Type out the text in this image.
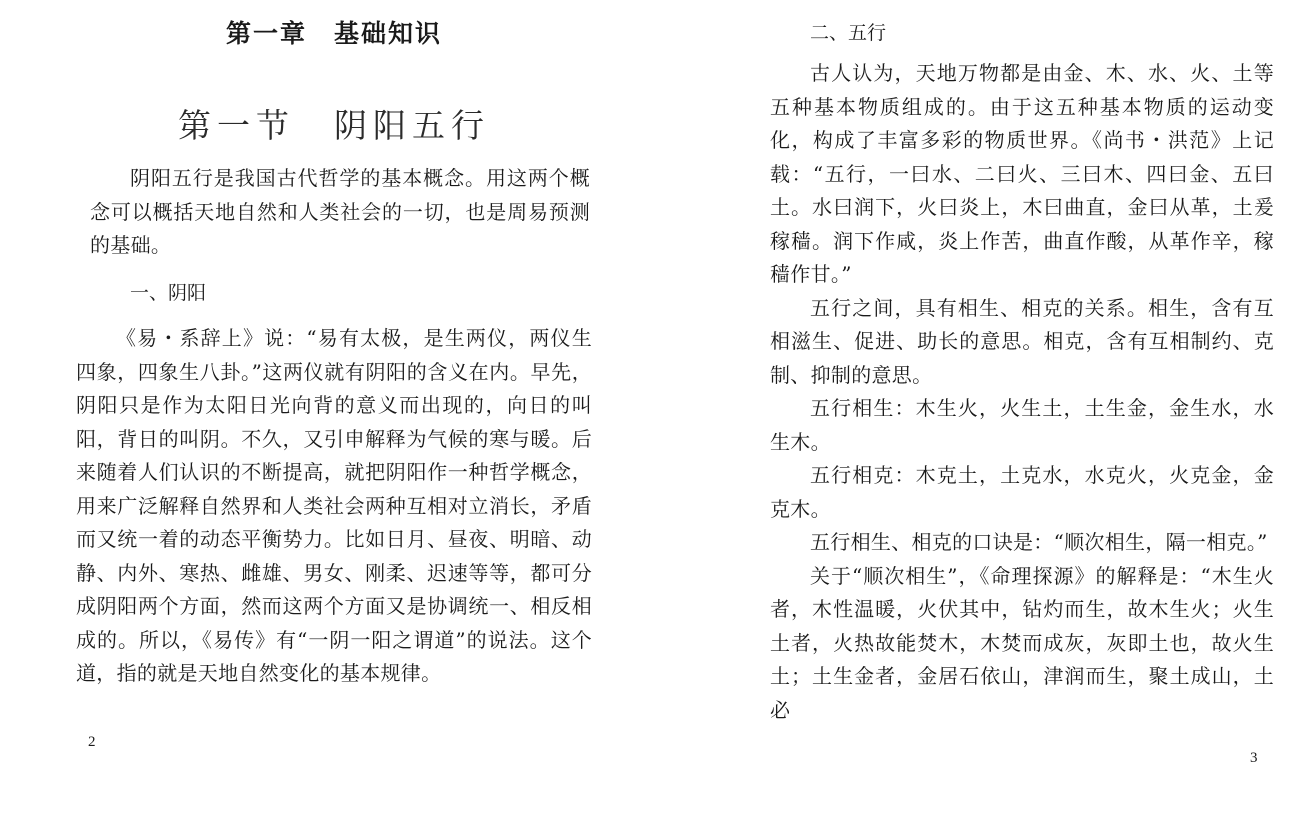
第一章　基础知识
第一节　阴阳五行

阴阳五行是我国古代哲学的基本概念。用这两个概念可以概括天地自然和人类社会的一切，也是周易预测的基础。

一、阴阳

《易・系辞上》说：“易有太极，是生两仪，两仪生四象，四象生八卦。”这两仪就有阴阳的含义在内。早先，阴阳只是作为太阳日光向背的意义而出现的，向日的叫阳，背日的叫阴。不久，又引申解释为气候的寒与暖。后来随着人们认识的不断提高，就把阴阳作一种哲学概念，用来广泛解释自然界和人类社会两种互相对立消长，矛盾而又统一着的动态平衡势力。比如日月、昼夜、明暗、动静、内外、寒热、雌雄、男女、刚柔、迟速等等，都可分成阴阳两个方面，然而这两个方面又是协调统一、相反相成的。所以，《易传》有“一阴一阳之谓道”的说法。这个道，指的就是天地自然变化的基本规律。

2
二、五行

古人认为，天地万物都是由金、木、水、火、土等五种基本物质组成的。由于这五种基本物质的运动变化，构成了丰富多彩的物质世界。《尚书・洪范》上记载：“五行，一曰水、二曰火、三曰木、四曰金、五曰土。水曰润下，火曰炎上，木曰曲直，金曰从革，土爰稼穑。润下作咸，炎上作苦，曲直作酸，从革作辛，稼穑作甘。”

五行之间，具有相生、相克的关系。相生，含有互相滋生、促进、助长的意思。相克，含有互相制约、克制、抑制的意思。

五行相生：木生火，火生土，土生金，金生水，水生木。

五行相克：木克土，土克水，水克火，火克金，金克木。

五行相生、相克的口诀是：“顺次相生，隔一相克。”

关于“顺次相生”，《命理探源》的解释是：“木生火者，木性温暖，火伏其中，钻灼而生，故木生火；火生土者，火热故能焚木，木焚而成灰，灰即土也，故火生土；土生金者，金居石依山，津润而生，聚土成山，土必

3
